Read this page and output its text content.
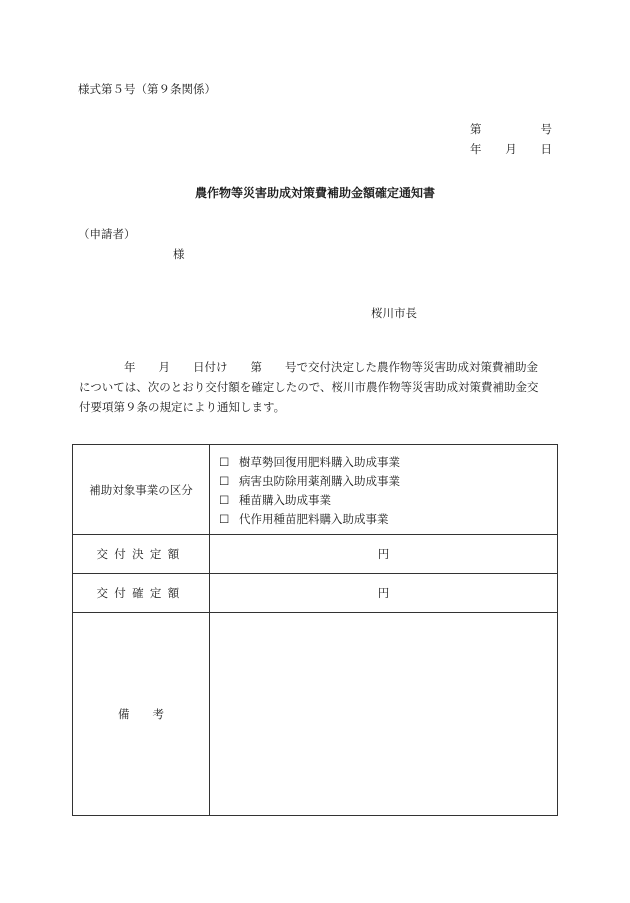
様式第５号（第９条関係）
第	号
年 月 日
農作物等災害助成対策費補助金額確定通知書
（申請者）
様
桜川市長
年　　月　　日付け　　第　　号で交付決定した農作物等災害助成対策費補助金
については、次のとおり交付額を確定したので、桜川市農作物等災害助成対策費補助金交
付要項第９条の規定により通知します。
補助対象事業の区分	☐ 樹草勢回復用肥料購入助成事業
☐ 病害虫防除用薬剤購入助成事業
☐ 種苗購入助成事業
☐ 代作用種苗肥料購入助成事業

交付決定額	円
交付確定額	円
備　　考	
